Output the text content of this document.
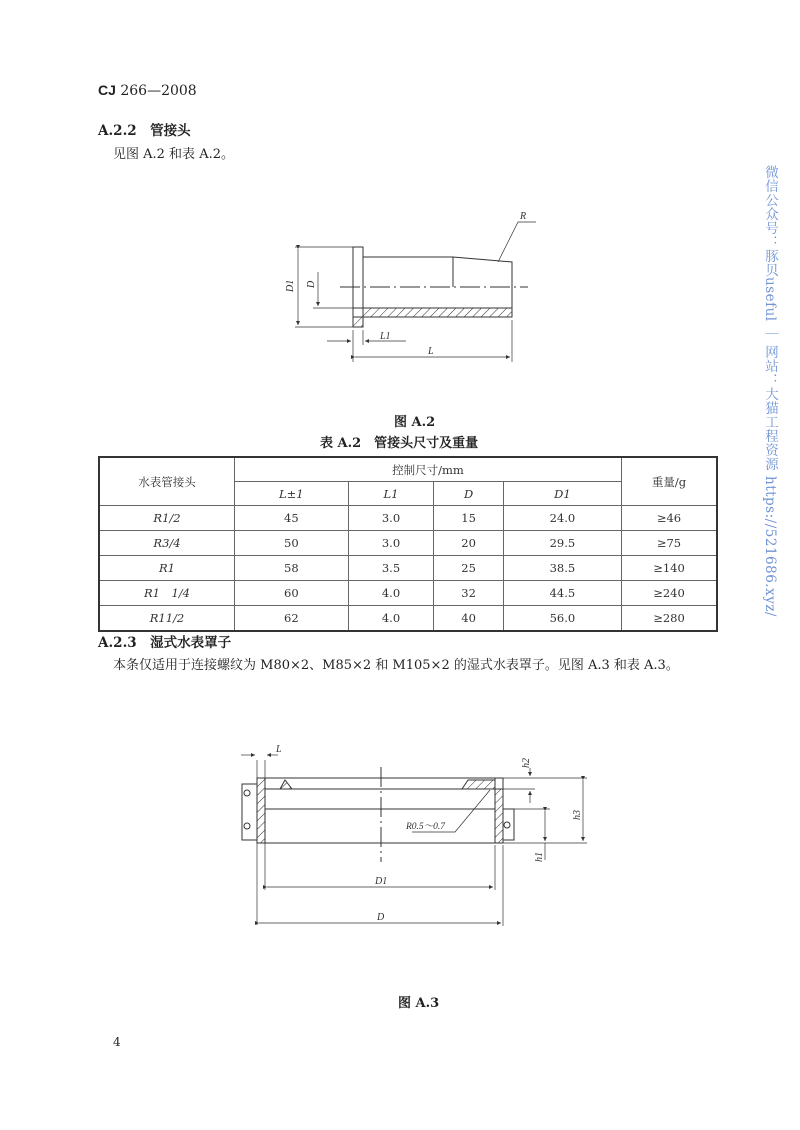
CJ 266—2008
A.2.2　 管接头
见图 A.2 和表 A.2。
R
D1 D
L1
L
L
h2
h3
h1
R0.5～0.7
D1
D
图 A.2
表 A.2　管接头尺寸及重量
水表管接头	控制尺寸/mm				重量/g
	L±1	L1	D	D1	
R1/2	45	3.0	15	24.0	≥46
R3/4	50	3.0	20	29.5	≥75
R1	58	3.5	25	38.5	≥140
R1　1/4	60	4.0	32	44.5	≥240
R11/2	62	4.0	40	56.0	≥280
A.2.3　 湿式水表罩子
本条仅适用于连接螺纹为 M80×2、M85×2 和 M105×2 的湿式水表罩子。见图 A.3 和表 A.3。
图 A.3
4
微信公众号：豚贝useful ｜ 网站：大猫工程资源 https://521686.xyz/
